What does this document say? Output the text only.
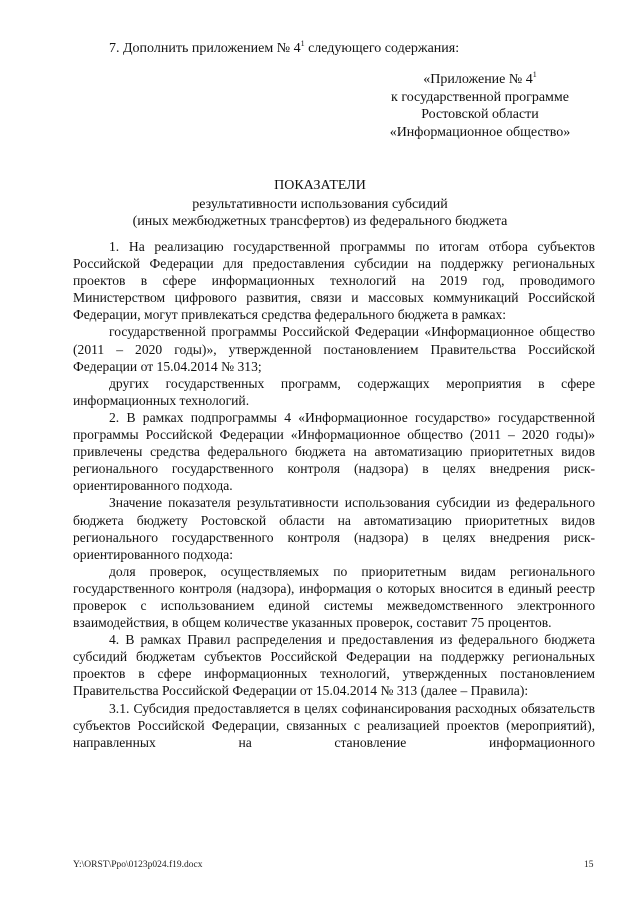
7. Дополнить приложением № $4^1$ следующего содержания:
«Приложение № $4^1$
к государственной программе
Ростовской области
«Информационное общество»
ПОКАЗАТЕЛИ
результативности использования субсидий
(иных межбюджетных трансфертов) из федерального бюджета

1. На реализацию государственной программы по итогам отбора субъектов Российской Федерации для предоставления субсидии на поддержку региональных проектов в сфере информационных технологий на 2019 год, проводимого Министерством цифрового развития, связи и массовых коммуникаций Российской Федерации, могут привлекаться средства федерального бюджета в рамках:

государственной программы Российской Федерации «Информационное общество (2011 – 2020 годы)», утвержденной постановлением Правительства Российской Федерации от 15.04.2014 № 313;

других государственных программ, содержащих мероприятия в сфере информационных технологий.

2. В рамках подпрограммы 4 «Информационное государство» государственной программы Российской Федерации «Информационное общество (2011 – 2020 годы)» привлечены средства федерального бюджета на автоматизацию приоритетных видов регионального государственного контроля (надзора) в целях внедрения риск-ориентированного подхода.

Значение показателя результативности использования субсидии из федерального бюджета бюджету Ростовской области на автоматизацию приоритетных видов регионального государственного контроля (надзора) в целях внедрения риск-ориентированного подхода:

доля проверок, осуществляемых по приоритетным видам регионального государственного контроля (надзора), информация о которых вносится в единый реестр проверок с использованием единой системы межведомственного электронного взаимодействия, в общем количестве указанных проверок, составит 75 процентов.

4. В рамках Правил распределения и предоставления из федерального бюджета субсидий бюджетам субъектов Российской Федерации на поддержку региональных проектов в сфере информационных технологий, утвержденных постановлением Правительства Российской Федерации от 15.04.2014 № 313 (далее – Правила):

3.1. Субсидия предоставляется в целях софинансирования расходных обязательств субъектов Российской Федерации, связанных с реализацией проектов (мероприятий), направленных на становление информационного

Y:\ORST\Ppo\0123p024.f19.docx	15
